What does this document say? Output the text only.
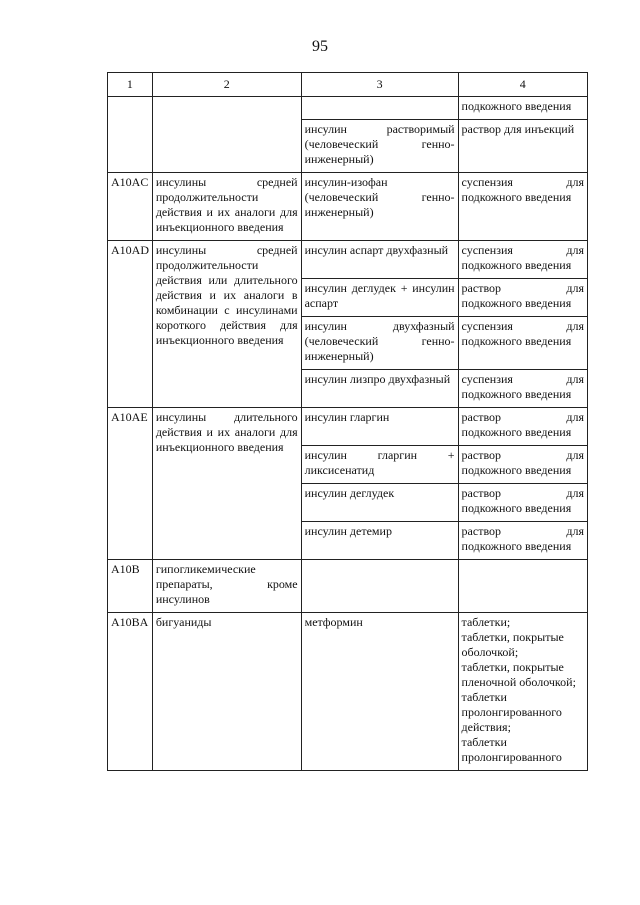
95
1	2	3	4
			подкожного введения
		инсулин растворимый (человеческий генно-инженерный)	раствор для инъекций
A10AC	инсулины средней продолжительности действия и их аналоги для инъекционного введения	инсулин-изофан (человеческий генно-инженерный)	суспензия для подкожного введения
A10AD	инсулины средней продолжительности действия или длительного действия и их аналоги в комбинации с инсулинами короткого действия для инъекционного введения	инсулин аспарт двухфазный	суспензия для подкожного введения
		инсулин деглудек + инсулин аспарт	раствор для подкожного введения
		инсулин двухфазный (человеческий генно-инженерный)	суспензия для подкожного введения
		инсулин лизпро двухфазный	суспензия для подкожного введения
A10AE	инсулины длительного действия и их аналоги для инъекционного введения	инсулин гларгин	раствор для подкожного введения
		инсулин гларгин + ликсисенатид	раствор для подкожного введения
		инсулин деглудек	раствор для подкожного введения
		инсулин детемир	раствор для подкожного введения
A10B	гипогликемические препараты, кроме инсулинов		
A10BA	бигуаниды	метформин	таблетки;
таблетки, покрытые оболочкой;
таблетки, покрытые пленочной оболочкой;
таблетки пролонгированного действия;
таблетки пролонгированного
